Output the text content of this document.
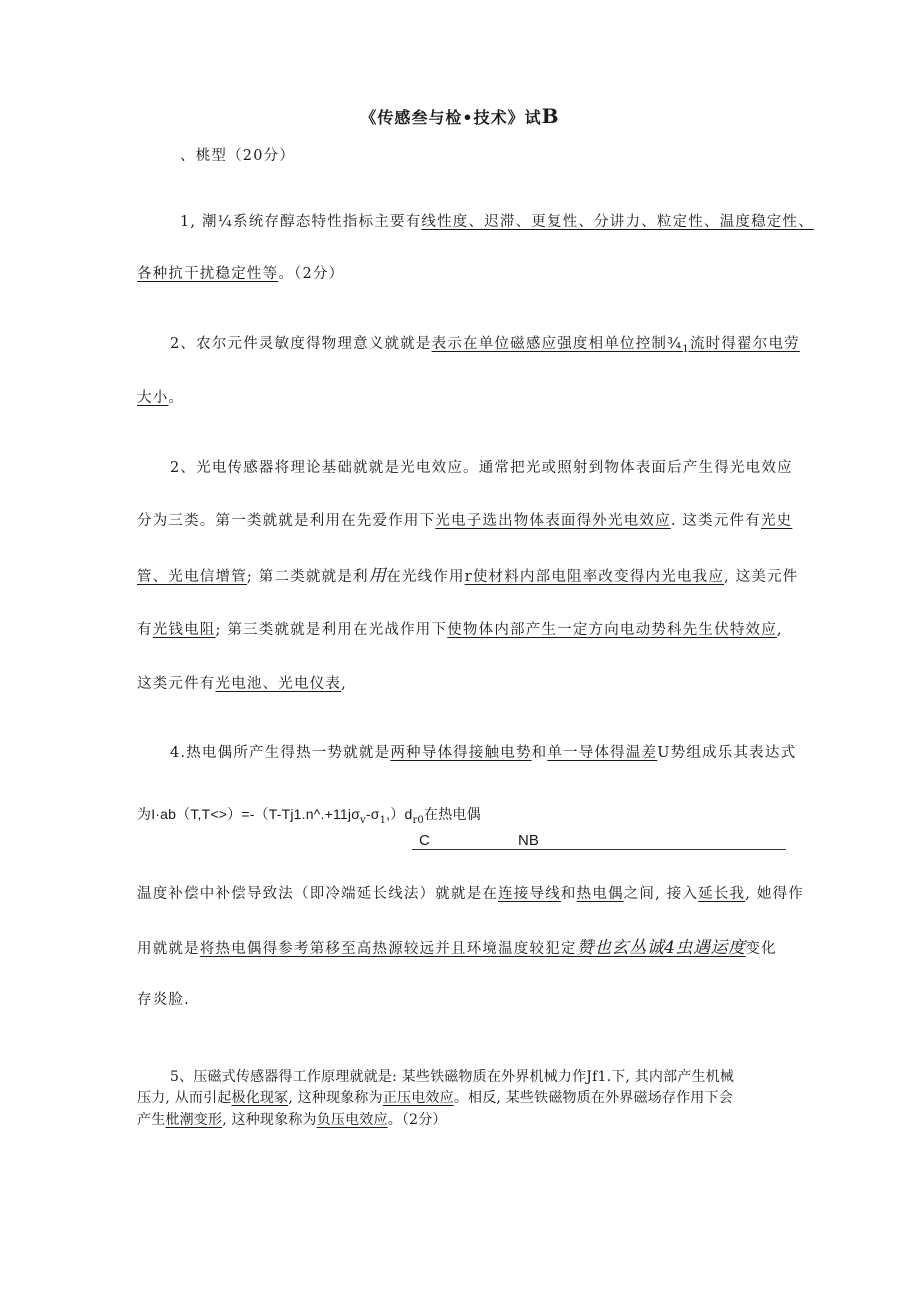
《传感叁与检•技术》试B
、桃型（20分）
1, 潮¼系统存醇态特性指标主要有线性度、迟滞、更复性、分讲力、粒定性、温度稳定性、
各种抗干扰稳定性等。（2分）
2、农尔元件灵敏度得物理意义就就是表示在单位磁感应强度相单位控制$\frac{3}{4}_1$流时得翟尔电劳
大小。
2、光电传感器将理论基础就就是光电效应。通常把光或照射到物体表面后产生得光电效应
分为三类。第一类就就是利用在先爱作用下光电子选出物体表面得外光电效应. 这类元件有光史
管、光电信增管; 第二类就就是利用在光线作用r使材料内部电阻率改变得内光电我应, 这美元件
有光钱电阻; 第三类就就是利用在光战作用下使物体内部产生一定方向电动势科先生伏特效应,
这类元件有光电池、光电仪表,
4.热电偶所产生得热一势就就是两种导体得接触电势和单一导体得温差U势组成乐其表达式
为$I\cdot ab(T,T<>)=-(T-Tj1.n\^{}.+11j\sigma_v-\sigma_1,)d_{r0}$在热电偶
C	NB
温度补偿中补偿导致法（即冷端延长线法）就就是在连接导线和热电偶之间, 接入延长我, 她得作
用就就是将热电偶得参考第移至高热源较远并且环境温度较犯定赞也玄丛诚4虫遇运度变化
存炎脸.
5、压磁式传感器得工作原理就就是: 某些铁磁物质在外界机械力作Jf1.下, 其内部产生机械
压力, 从而引起极化现冢, 这种现象称为正压电效应。相反, 某些铁磁物质在外界磁场存作用下会
产生枇潮变形, 这种现象称为负压电效应。（2分）
